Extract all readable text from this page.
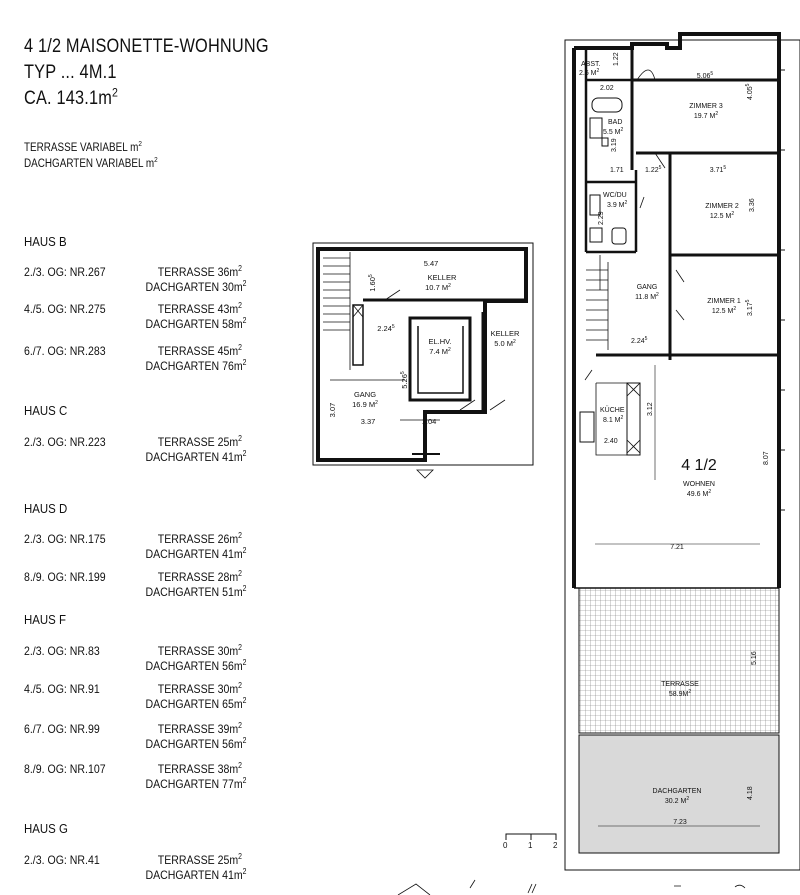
4 1/2 MAISONETTE-WOHNUNG
TYP ... 4M.1
CA. $143.1m^2$
TERRASSE VARIABEL $m^2$
DACHGARTEN VARIABEL $m^2$
HAUS B
2./3. OG: NR.267	TERRASSE $36m^2$
DACHGARTEN $30m^2$
4./5. OG: NR.275	TERRASSE $43m^2$
DACHGARTEN $58m^2$
6./7. OG: NR.283	TERRASSE $45m^2$
DACHGARTEN $76m^2$
HAUS C
2./3. OG: NR.223	TERRASSE $25m^2$
DACHGARTEN $41m^2$
HAUS D
2./3. OG: NR.175	TERRASSE $26m^2$
DACHGARTEN $41m^2$
8./9. OG: NR.199	TERRASSE $28m^2$
DACHGARTEN $51m^2$
HAUS F
2./3. OG: NR.83	TERRASSE $30m^2$
DACHGARTEN $56m^2$
4./5. OG: NR.91	TERRASSE $30m^2$
DACHGARTEN $65m^2$
6./7. OG: NR.99	TERRASSE $39m^2$
DACHGARTEN $56m^2$
8./9. OG: NR.107	TERRASSE $38m^2$
DACHGARTEN $77m^2$
HAUS G
2./3. OG: NR.41	TERRASSE $25m^2$
DACHGARTEN $41m^2$
5.47
KELLER
10.7 $M^2$
1.60$^5$
2.24$^5$
5.26$^5$
GANG
16.9 $M^2$
3.07
3.37	1.04
EL.HV.
7.4 $M^2$
KELLER
5.0 $M^2$
ABST.
2.6 $M^2$
2.02
1.22
5.06$^5$
4.05$^5$
ZIMMER 3
19.7 $M^2$
BAD
5.5 $M^2$
3.19
1.71	1.22$^5$	3.71$^5$
WC/DU
3.9 $M^2$
2.29
ZIMMER 2
12.5 $M^2$
3.36
GANG
11.8 $M^2$
ZIMMER 1
12.5 $M^2$ 3.17$^5$
2.24$^5$
KÜCHE
8.1 $M^2$
3.12
2.40
4 1/2
WOHNEN
49.6 $M^2$
8.07
7.21
TERRASSE
$58.9M^2$
5.16
DACHGARTEN
30.2 $M^2$	4.18
7.23
0	1	2
